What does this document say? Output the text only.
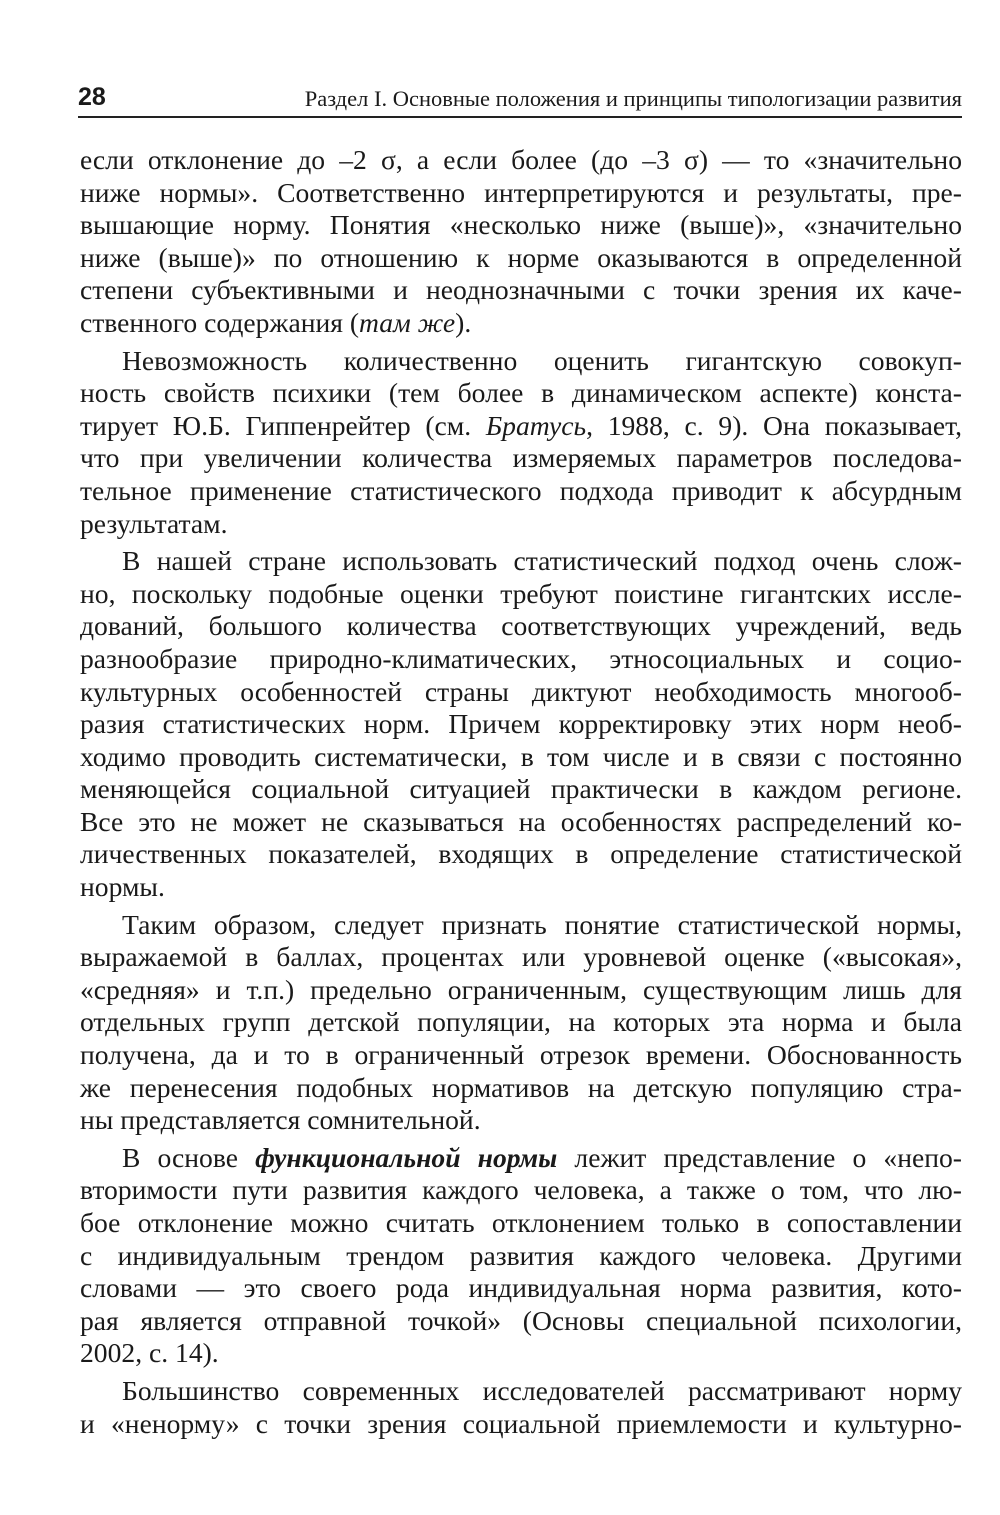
28	Раздел I. Основные положения и принципы типологизации развития
если отклонение до –2 σ, а если более (до –3 σ) — то «значительно
ниже нормы». Соответственно интерпретируются и результаты, пре-
вышающие норму. Понятия «несколько ниже (выше)», «значительно
ниже (выше)» по отношению к норме оказываются в определенной
степени субъективными и неоднозначными с точки зрения их каче-
ственного содержания (там же).
Невозможность количественно оценить гигантскую совокуп-
ность свойств психики (тем более в динамическом аспекте) конста-
тирует Ю.Б. Гиппенрейтер (см. Братусь, 1988, с. 9). Она показывает,
что при увеличении количества измеряемых параметров последова-
тельное применение статистического подхода приводит к абсурдным
результатам.
В нашей стране использовать статистический подход очень слож-
но, поскольку подобные оценки требуют поистине гигантских иссле-
дований, большого количества соответствующих учреждений, ведь
разнообразие природно-климатических, этносоциальных и социо-
культурных особенностей страны диктуют необходимость многооб-
разия статистических норм. Причем корректировку этих норм необ-
ходимо проводить систематически, в том числе и в связи с постоянно
меняющейся социальной ситуацией практически в каждом регионе.
Все это не может не сказываться на особенностях распределений ко-
личественных показателей, входящих в определение статистической
нормы.
Таким образом, следует признать понятие статистической нормы,
выражаемой в баллах, процентах или уровневой оценке («высокая»,
«средняя» и т.п.) предельно ограниченным, существующим лишь для
отдельных групп детской популяции, на которых эта норма и была
получена, да и то в ограниченный отрезок времени. Обоснованность
же перенесения подобных нормативов на детскую популяцию стра-
ны представляется сомнительной.
В основе функциональной нормы лежит представление о «непо-
вторимости пути развития каждого человека, а также о том, что лю-
бое отклонение можно считать отклонением только в сопоставлении
с индивидуальным трендом развития каждого человека. Другими
словами — это своего рода индивидуальная норма развития, кото-
рая является отправной точкой» (Основы специальной психологии,
2002, с. 14).
Большинство современных исследователей рассматривают норму
и «ненорму» с точки зрения социальной приемлемости и культурно-
